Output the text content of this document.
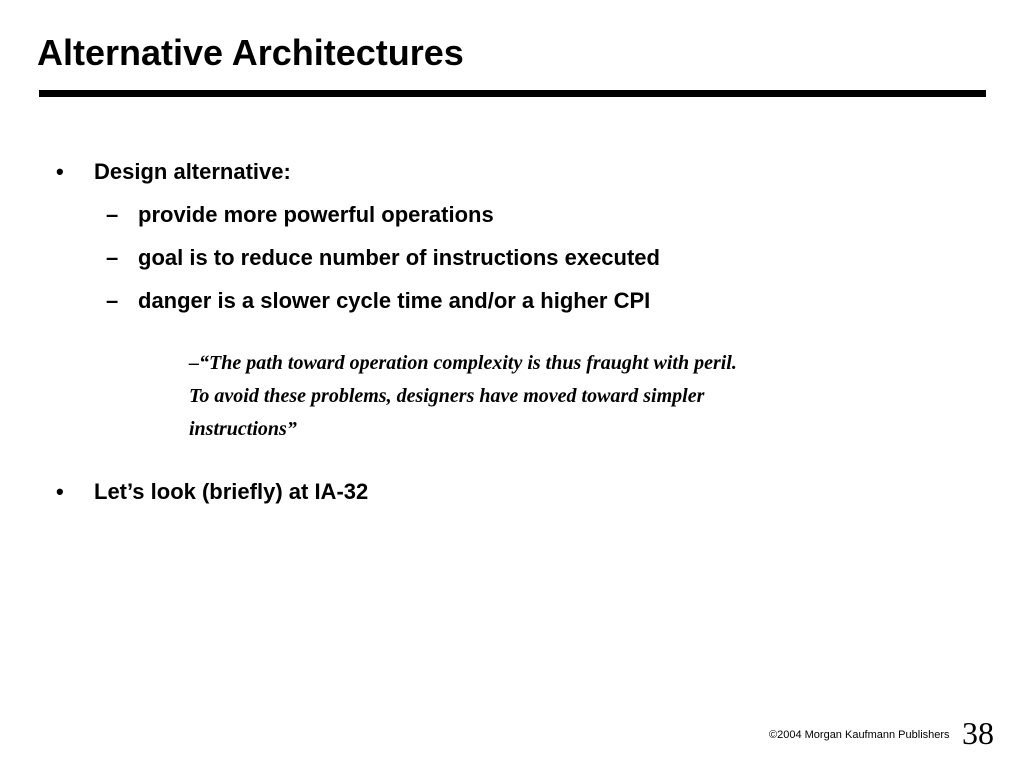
Alternative Architectures
• Design alternative:
– provide more powerful operations
– goal is to reduce number of instructions executed
– danger is a slower cycle time and/or a higher CPI
–“The path toward operation complexity is thus fraught with peril.
To avoid these problems, designers have moved toward simpler
instructions”
• Let’s look (briefly) at IA-32
©2004 Morgan Kaufmann Publishers 38
